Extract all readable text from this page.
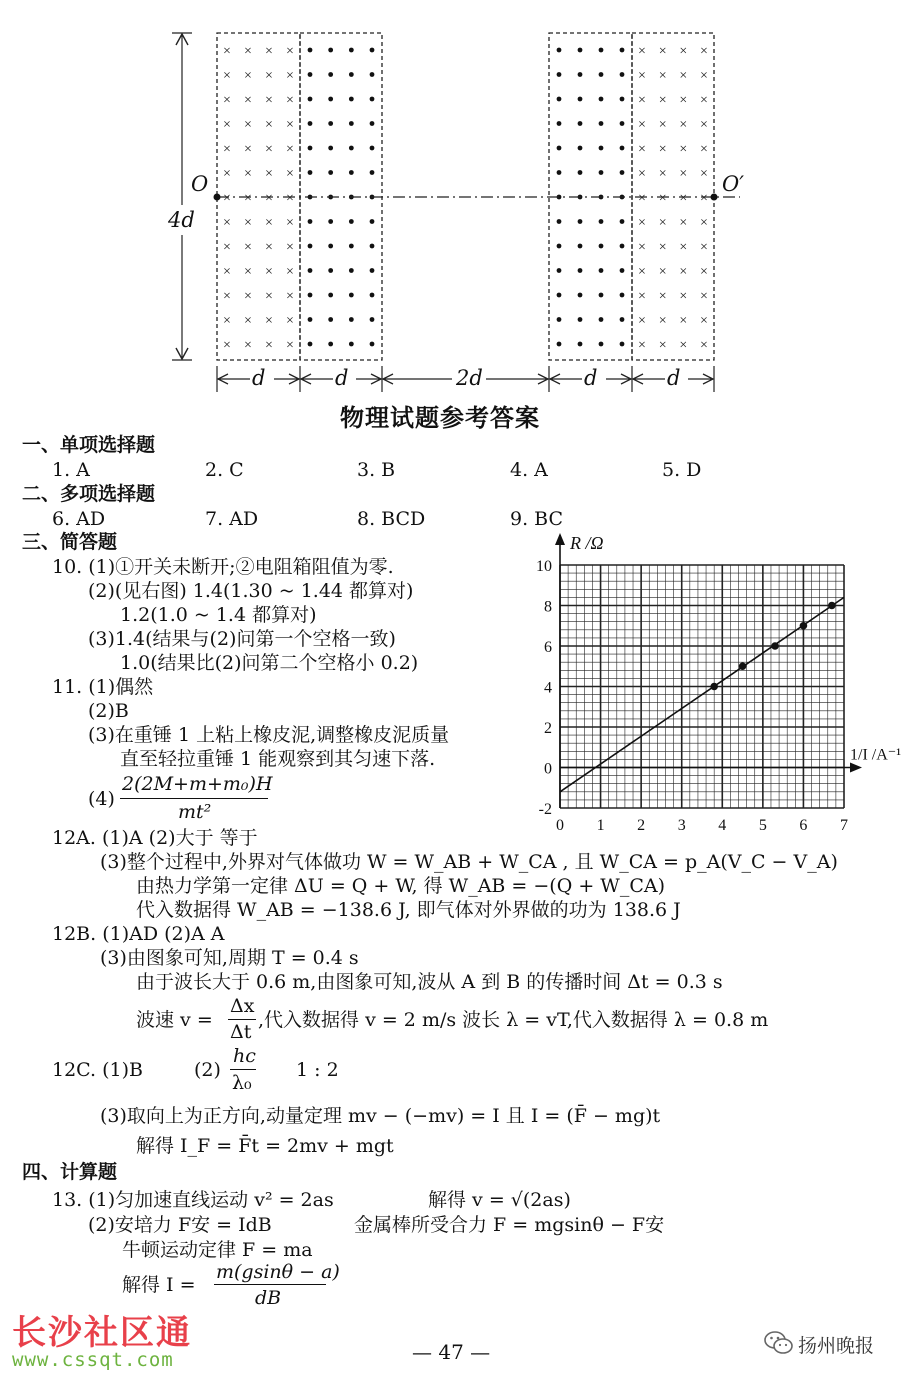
× × × ×
× × × ×
× × × ×
× × × ×
× × × ×
× × × ×
× × × ×
× × × ×
× × × ×
× × × ×
× × × ×
× × × ×
× × × ×
× × × ×
× × × ×
× × × ×
× × × ×
× × × ×
× × × ×
× × × ×
× × × ×
× × × ×
× × × ×
× × × ×
× × × ×
× × × ×
4d
O	O′
d	d	2d	d	d
物理试题参考答案
一、单项选择题
1. A	2. C	3. B	4. A	5. D
二、多项选择题
6. AD	7. AD	8. BCD	9. BC
三、简答题
10. (1)①开关未断开;②电阻箱阻值为零.
(2)(见右图) 1.4(1.30 ~ 1.44 都算对)
1.2(1.0 ~ 1.4 都算对)
(3)1.4(结果与(2)问第一个空格一致)
1.0(结果比(2)问第二个空格小 0.2)
11. (1)偶然
(2)B
(3)在重锤 1 上粘上橡皮泥,调整橡皮泥质量
直至轻拉重锤 1 能观察到其匀速下落.
(4)
2(2M+m+m₀)H
mt²
12A. (1)A (2)大于 等于
(3)整个过程中,外界对气体做功 W = W_AB + W_CA , 且 W_CA = p_A(V_C − V_A)
由热力学第一定律 ΔU = Q + W, 得 W_AB = −(Q + W_CA)
代入数据得 W_AB = −138.6 J, 即气体对外界做的功为 138.6 J
12B. (1)AD (2)A A
(3)由图象可知,周期 T = 0.4 s
由于波长大于 0.6 m,由图象可知,波从 A 到 B 的传播时间 Δt = 0.3 s
波速 v =
Δx
Δt
,代入数据得 v = 2 m/s 波长 λ = vT,代入数据得 λ = 0.8 m
12C. (1)B	(2)
hc
λ₀
1 : 2
(3)取向上为正方向,动量定理 mv − (−mv) = I 且 I = (F̄ − mg)t
解得 I_F = F̄t = 2mv + mgt
四、计算题
13. (1)匀加速直线运动 v² = 2as	解得 v = √(2as)
(2)安培力 F安 = IdB	金属棒所受合力 F = mgsinθ − F安
牛顿运动定律 F = ma
解得 I =
m(gsinθ − a)
dB
0 1 2 3 4 5 6 7
-2
0
2
4
6
8
10
R /Ω
1/I /A⁻¹
— 47 —
长沙社区通
www.cssqt.com
扬州晚报
